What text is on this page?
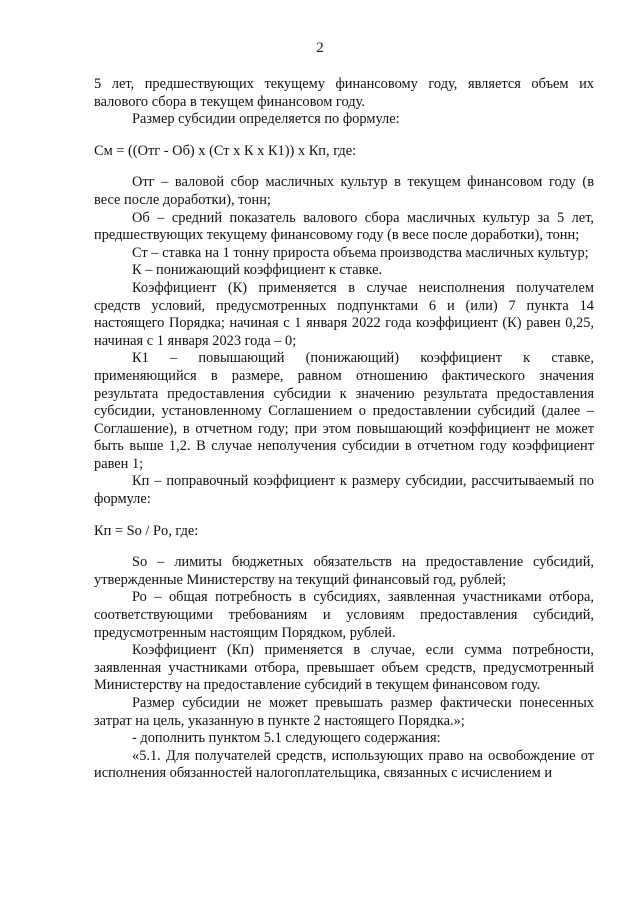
2

5 лет, предшествующих текущему финансовому году, является объем их валового сбора в текущем финансовом году.

Размер субсидии определяется по формуле:

См = ((Отг - Об) х (Ст х К х К1)) х Кп, где:

Отг – валовой сбор масличных культур в текущем финансовом году (в весе после доработки), тонн;

Об – средний показатель валового сбора масличных культур за 5 лет, предшествующих текущему финансовому году (в весе после доработки), тонн;

Ст – ставка на 1 тонну прироста объема производства масличных культур;

К – понижающий коэффициент к ставке.

Коэффициент (К) применяется в случае неисполнения получателем средств условий, предусмотренных подпунктами 6 и (или) 7 пункта 14 настоящего Порядка; начиная с 1 января 2022 года коэффициент (К) равен 0,25, начиная с 1 января 2023 года – 0;

К1 – повышающий (понижающий) коэффициент к ставке, применяющийся в размере, равном отношению фактического значения результата предоставления субсидии к значению результата предоставления субсидии, установленному Соглашением о предоставлении субсидий (далее – Соглашение), в отчетном году; при этом повышающий коэффициент не может быть выше 1,2. В случае неполучения субсидии в отчетном году коэффициент равен 1;

Кп – поправочный коэффициент к размеру субсидии, рассчитываемый по формуле:

Кп = So / Po, где:

So – лимиты бюджетных обязательств на предоставление субсидий, утвержденные Министерству на текущий финансовый год, рублей;

Ро – общая потребность в субсидиях, заявленная участниками отбора, соответствующими требованиям и условиям предоставления субсидий, предусмотренным настоящим Порядком, рублей.

Коэффициент (Кп) применяется в случае, если сумма потребности, заявленная участниками отбора, превышает объем средств, предусмотренный Министерству на предоставление субсидий в текущем финансовом году.

Размер субсидии не может превышать размер фактически понесенных затрат на цель, указанную в пункте 2 настоящего Порядка.»;

- дополнить пунктом 5.1 следующего содержания:

«5.1. Для получателей средств, использующих право на освобождение от исполнения обязанностей налогоплательщика, связанных с исчислением и
